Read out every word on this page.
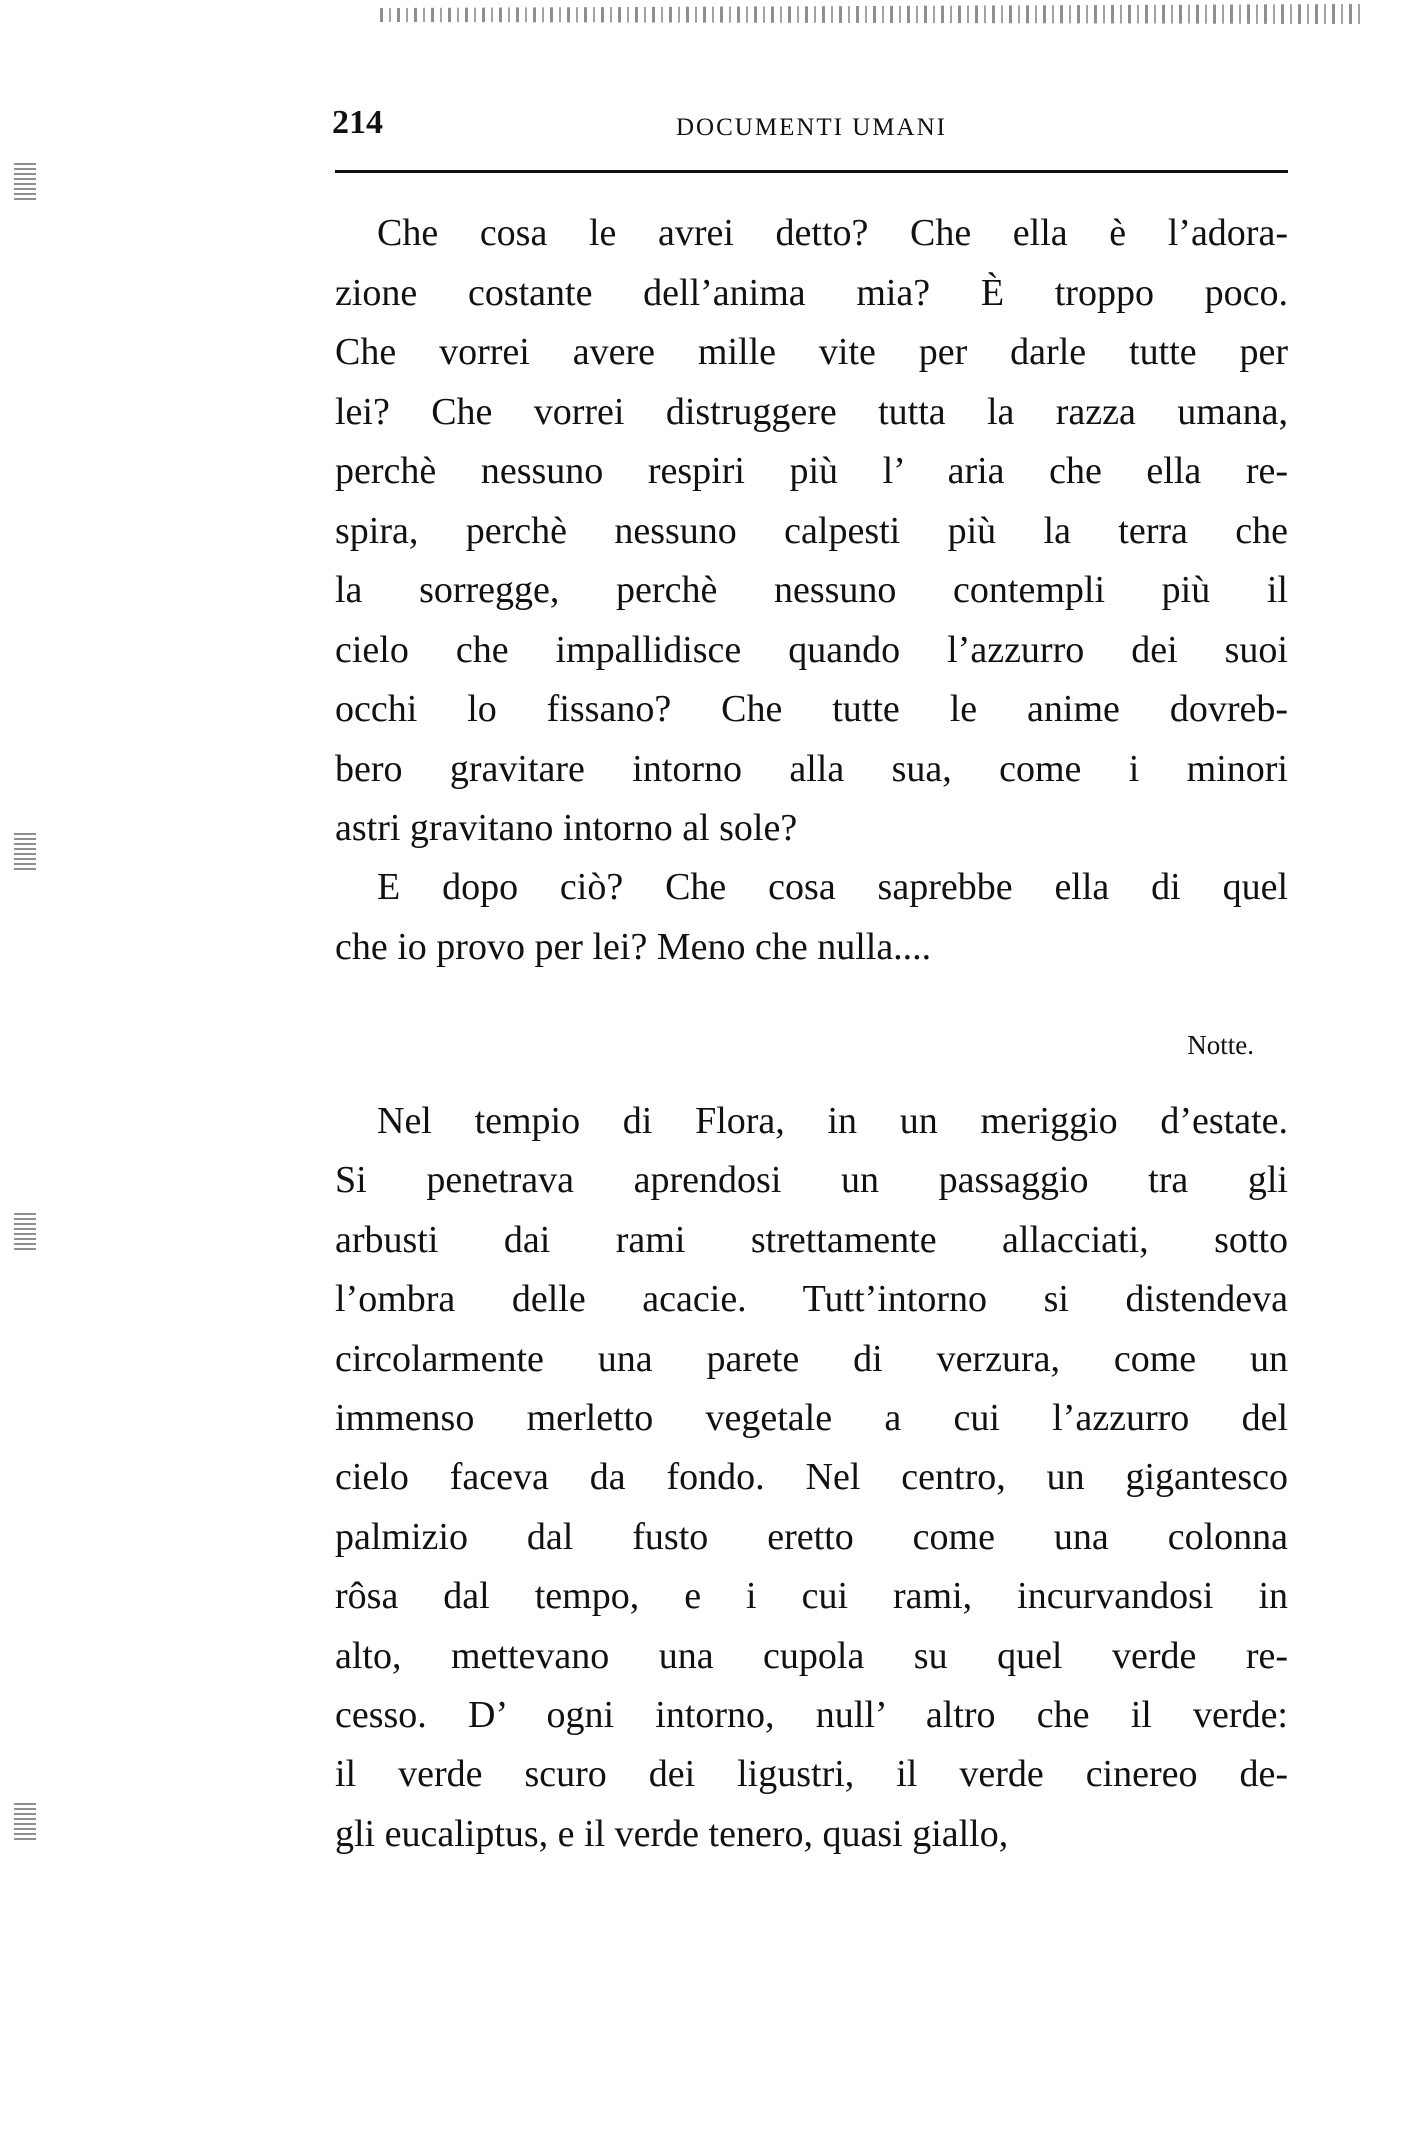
214	DOCUMENTI UMANI
Che cosa le avrei detto? Che ella è l’adora-
zione costante dell’anima mia? È troppo poco.
Che vorrei avere mille vite per darle tutte per
lei? Che vorrei distruggere tutta la razza umana,
perchè nessuno respiri più l’ aria che ella re-
spira, perchè nessuno calpesti più la terra che
la sorregge, perchè nessuno contempli più il
cielo che impallidisce quando l’azzurro dei suoi
occhi lo fissano? Che tutte le anime dovreb-
bero gravitare intorno alla sua, come i minori
astri gravitano intorno al sole?
E dopo ciò? Che cosa saprebbe ella di quel
che io provo per lei? Meno che nulla....
Nel tempio di Flora, in un meriggio d’estate.
Si penetrava aprendosi un passaggio tra gli
arbusti dai rami strettamente allacciati, sotto
l’ombra delle acacie. Tutt’intorno si distendeva
circolarmente una parete di verzura, come un
immenso merletto vegetale a cui l’azzurro del
cielo faceva da fondo. Nel centro, un gigantesco
palmizio dal fusto eretto come una colonna
rôsa dal tempo, e i cui rami, incurvandosi in
alto, mettevano una cupola su quel verde re-
cesso. D’ ogni intorno, null’ altro che il verde:
il verde scuro dei ligustri, il verde cinereo de-
gli eucaliptus, e il verde tenero, quasi giallo,
Notte.
